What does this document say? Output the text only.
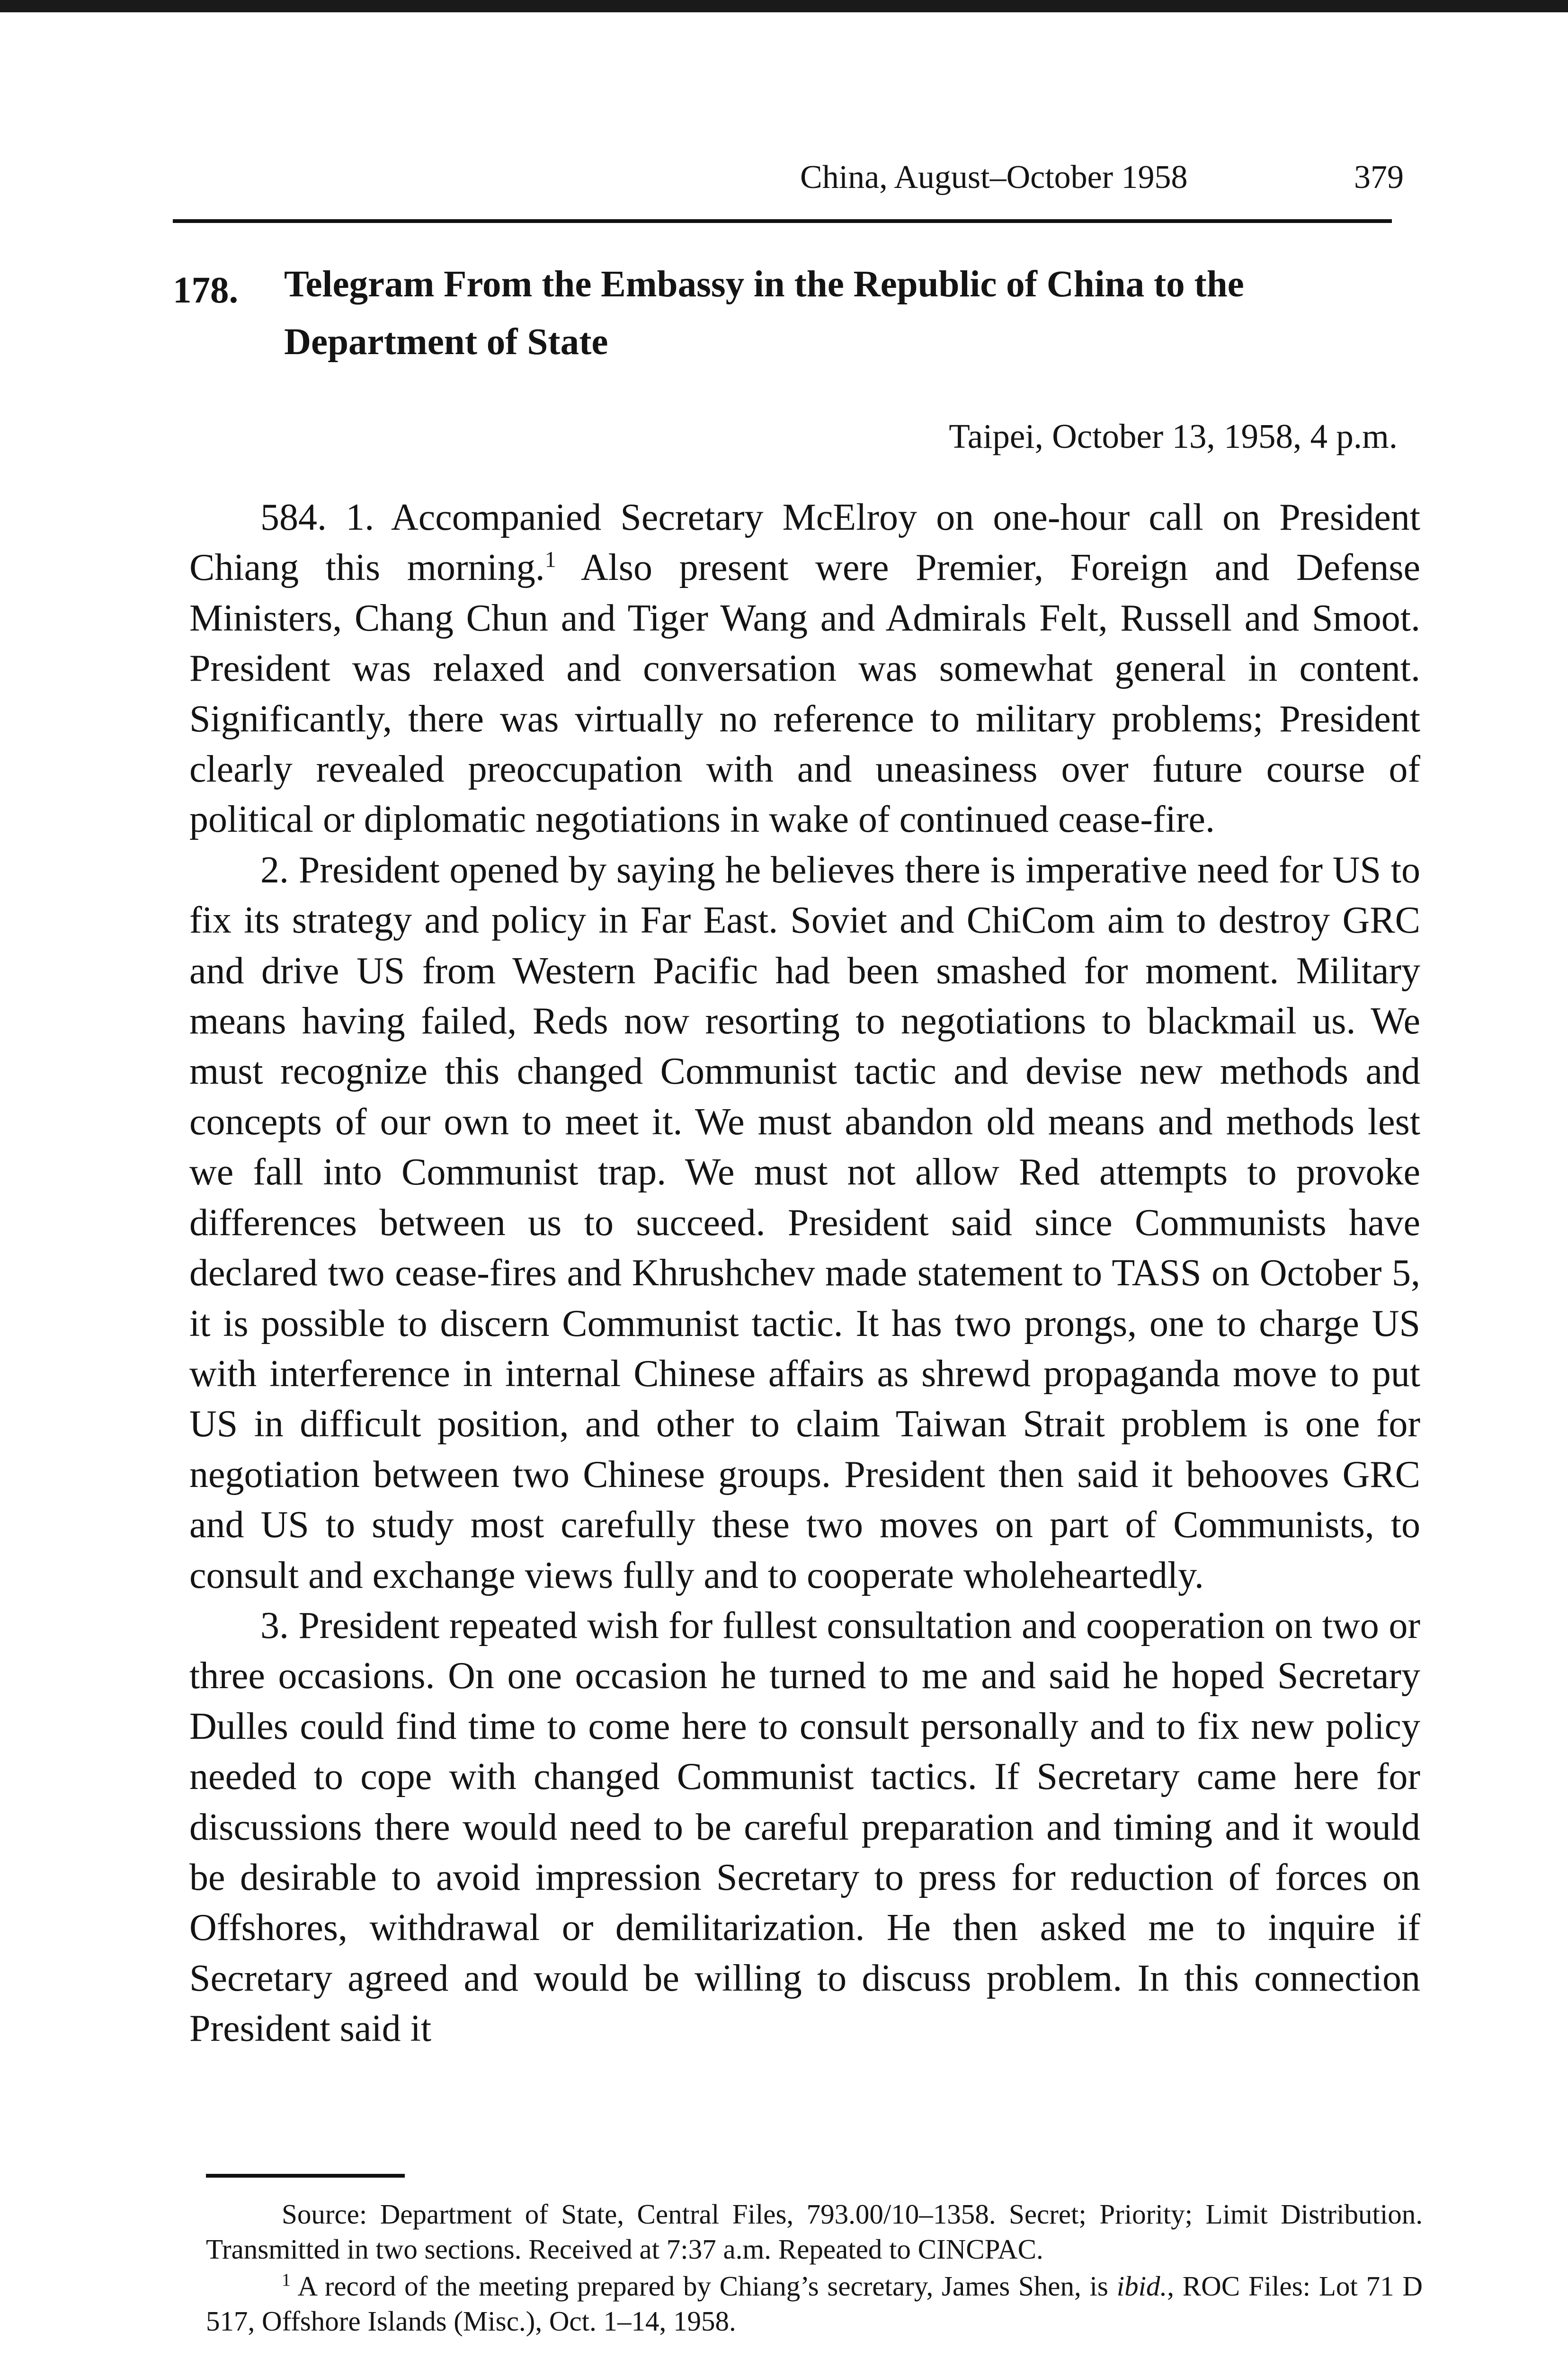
China, August–October 1958	379
178. Telegram From the Embassy in the Republic of China to the Department of State
Taipei, October 13, 1958, 4 p.m.

584. 1. Accompanied Secretary McElroy on one-hour call on President Chiang this morning.$^1$ Also present were Premier, Foreign and Defense Ministers, Chang Chun and Tiger Wang and Admirals Felt, Russell and Smoot. President was relaxed and conversation was somewhat general in content. Significantly, there was virtually no reference to military problems; President clearly revealed preoccupation with and uneasiness over future course of political or diplomatic negotiations in wake of continued cease-fire.

2. President opened by saying he believes there is imperative need for US to fix its strategy and policy in Far East. Soviet and ChiCom aim to destroy GRC and drive US from Western Pacific had been smashed for moment. Military means having failed, Reds now resorting to negotiations to blackmail us. We must recognize this changed Communist tactic and devise new methods and concepts of our own to meet it. We must abandon old means and methods lest we fall into Communist trap. We must not allow Red attempts to provoke differences between us to succeed. President said since Communists have declared two cease-fires and Khrushchev made statement to TASS on October 5, it is possible to discern Communist tactic. It has two prongs, one to charge US with interference in internal Chinese affairs as shrewd propaganda move to put US in difficult position, and other to claim Taiwan Strait problem is one for negotiation between two Chinese groups. President then said it behooves GRC and US to study most carefully these two moves on part of Communists, to consult and exchange views fully and to cooperate wholeheartedly.

3. President repeated wish for fullest consultation and cooperation on two or three occasions. On one occasion he turned to me and said he hoped Secretary Dulles could find time to come here to consult personally and to fix new policy needed to cope with changed Communist tactics. If Secretary came here for discussions there would need to be careful preparation and timing and it would be desirable to avoid impression Secretary to press for reduction of forces on Offshores, withdrawal or demilitarization. He then asked me to inquire if Secretary agreed and would be willing to discuss problem. In this connection President said it

Source: Department of State, Central Files, 793.00/10–1358. Secret; Priority; Limit Distribution. Transmitted in two sections. Received at 7:37 a.m. Repeated to CINCPAC.

$^1$ A record of the meeting prepared by Chiang’s secretary, James Shen, is ibid., ROC Files: Lot 71 D 517, Offshore Islands (Misc.), Oct. 1–14, 1958.
